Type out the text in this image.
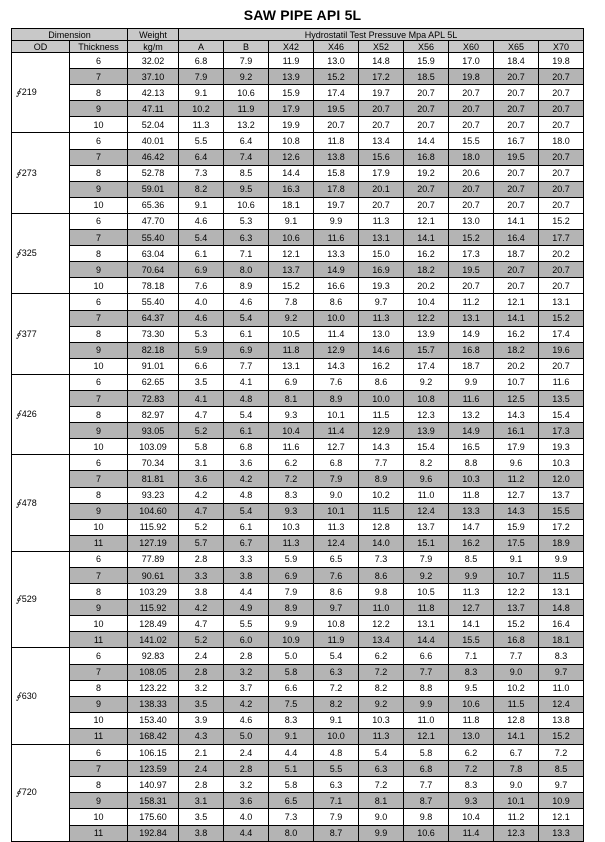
SAW PIPE API 5L
Dimension		Weight	Hydrostatil Test Pressuve Mpa APL 5L								
OD	Thickness	kg/m	A	B	X42	X46	X52	X56	X60	X65	X70
∮219	6	32.02	6.8	7.9	11.9	13.0	14.8	15.9	17.0	18.4	19.8
	7	37.10	7.9	9.2	13.9	15.2	17.2	18.5	19.8	20.7	20.7
	8	42.13	9.1	10.6	15.9	17.4	19.7	20.7	20.7	20.7	20.7
	9	47.11	10.2	11.9	17.9	19.5	20.7	20.7	20.7	20.7	20.7
	10	52.04	11.3	13.2	19.9	20.7	20.7	20.7	20.7	20.7	20.7
∮273	6	40.01	5.5	6.4	10.8	11.8	13.4	14.4	15.5	16.7	18.0
	7	46.42	6.4	7.4	12.6	13.8	15.6	16.8	18.0	19.5	20.7
	8	52.78	7.3	8.5	14.4	15.8	17.9	19.2	20.6	20.7	20.7
	9	59.01	8.2	9.5	16.3	17.8	20.1	20.7	20.7	20.7	20.7
	10	65.36	9.1	10.6	18.1	19.7	20.7	20.7	20.7	20.7	20.7
∮325	6	47.70	4.6	5.3	9.1	9.9	11.3	12.1	13.0	14.1	15.2
	7	55.40	5.4	6.3	10.6	11.6	13.1	14.1	15.2	16.4	17.7
	8	63.04	6.1	7.1	12.1	13.3	15.0	16.2	17.3	18.7	20.2
	9	70.64	6.9	8.0	13.7	14.9	16.9	18.2	19.5	20.7	20.7
	10	78.18	7.6	8.9	15.2	16.6	19.3	20.2	20.7	20.7	20.7
∮377	6	55.40	4.0	4.6	7.8	8.6	9.7	10.4	11.2	12.1	13.1
	7	64.37	4.6	5.4	9.2	10.0	11.3	12.2	13.1	14.1	15.2
	8	73.30	5.3	6.1	10.5	11.4	13.0	13.9	14.9	16.2	17.4
	9	82.18	5.9	6.9	11.8	12.9	14.6	15.7	16.8	18.2	19.6
	10	91.01	6.6	7.7	13.1	14.3	16.2	17.4	18.7	20.2	20.7
∮426	6	62.65	3.5	4.1	6.9	7.6	8.6	9.2	9.9	10.7	11.6
	7	72.83	4.1	4.8	8.1	8.9	10.0	10.8	11.6	12.5	13.5
	8	82.97	4.7	5.4	9.3	10.1	11.5	12.3	13.2	14.3	15.4
	9	93.05	5.2	6.1	10.4	11.4	12.9	13.9	14.9	16.1	17.3
	10	103.09	5.8	6.8	11.6	12.7	14.3	15.4	16.5	17.9	19.3
∮478	6	70.34	3.1	3.6	6.2	6.8	7.7	8.2	8.8	9.6	10.3
	7	81.81	3.6	4.2	7.2	7.9	8.9	9.6	10.3	11.2	12.0
	8	93.23	4.2	4.8	8.3	9.0	10.2	11.0	11.8	12.7	13.7
	9	104.60	4.7	5.4	9.3	10.1	11.5	12.4	13.3	14.3	15.5
	10	115.92	5.2	6.1	10.3	11.3	12.8	13.7	14.7	15.9	17.2
	11	127.19	5.7	6.7	11.3	12.4	14.0	15.1	16.2	17.5	18.9
∮529	6	77.89	2.8	3.3	5.9	6.5	7.3	7.9	8.5	9.1	9.9
	7	90.61	3.3	3.8	6.9	7.6	8.6	9.2	9.9	10.7	11.5
	8	103.29	3.8	4.4	7.9	8.6	9.8	10.5	11.3	12.2	13.1
	9	115.92	4.2	4.9	8.9	9.7	11.0	11.8	12.7	13.7	14.8
	10	128.49	4.7	5.5	9.9	10.8	12.2	13.1	14.1	15.2	16.4
	11	141.02	5.2	6.0	10.9	11.9	13.4	14.4	15.5	16.8	18.1
∮630	6	92.83	2.4	2.8	5.0	5.4	6.2	6.6	7.1	7.7	8.3
	7	108.05	2.8	3.2	5.8	6.3	7.2	7.7	8.3	9.0	9.7
	8	123.22	3.2	3.7	6.6	7.2	8.2	8.8	9.5	10.2	11.0
	9	138.33	3.5	4.2	7.5	8.2	9.2	9.9	10.6	11.5	12.4
	10	153.40	3.9	4.6	8.3	9.1	10.3	11.0	11.8	12.8	13.8
	11	168.42	4.3	5.0	9.1	10.0	11.3	12.1	13.0	14.1	15.2
∮720	6	106.15	2.1	2.4	4.4	4.8	5.4	5.8	6.2	6.7	7.2
	7	123.59	2.4	2.8	5.1	5.5	6.3	6.8	7.2	7.8	8.5
	8	140.97	2.8	3.2	5.8	6.3	7.2	7.7	8.3	9.0	9.7
	9	158.31	3.1	3.6	6.5	7.1	8.1	8.7	9.3	10.1	10.9
	10	175.60	3.5	4.0	7.3	7.9	9.0	9.8	10.4	11.2	12.1
	11	192.84	3.8	4.4	8.0	8.7	9.9	10.6	11.4	12.3	13.3
